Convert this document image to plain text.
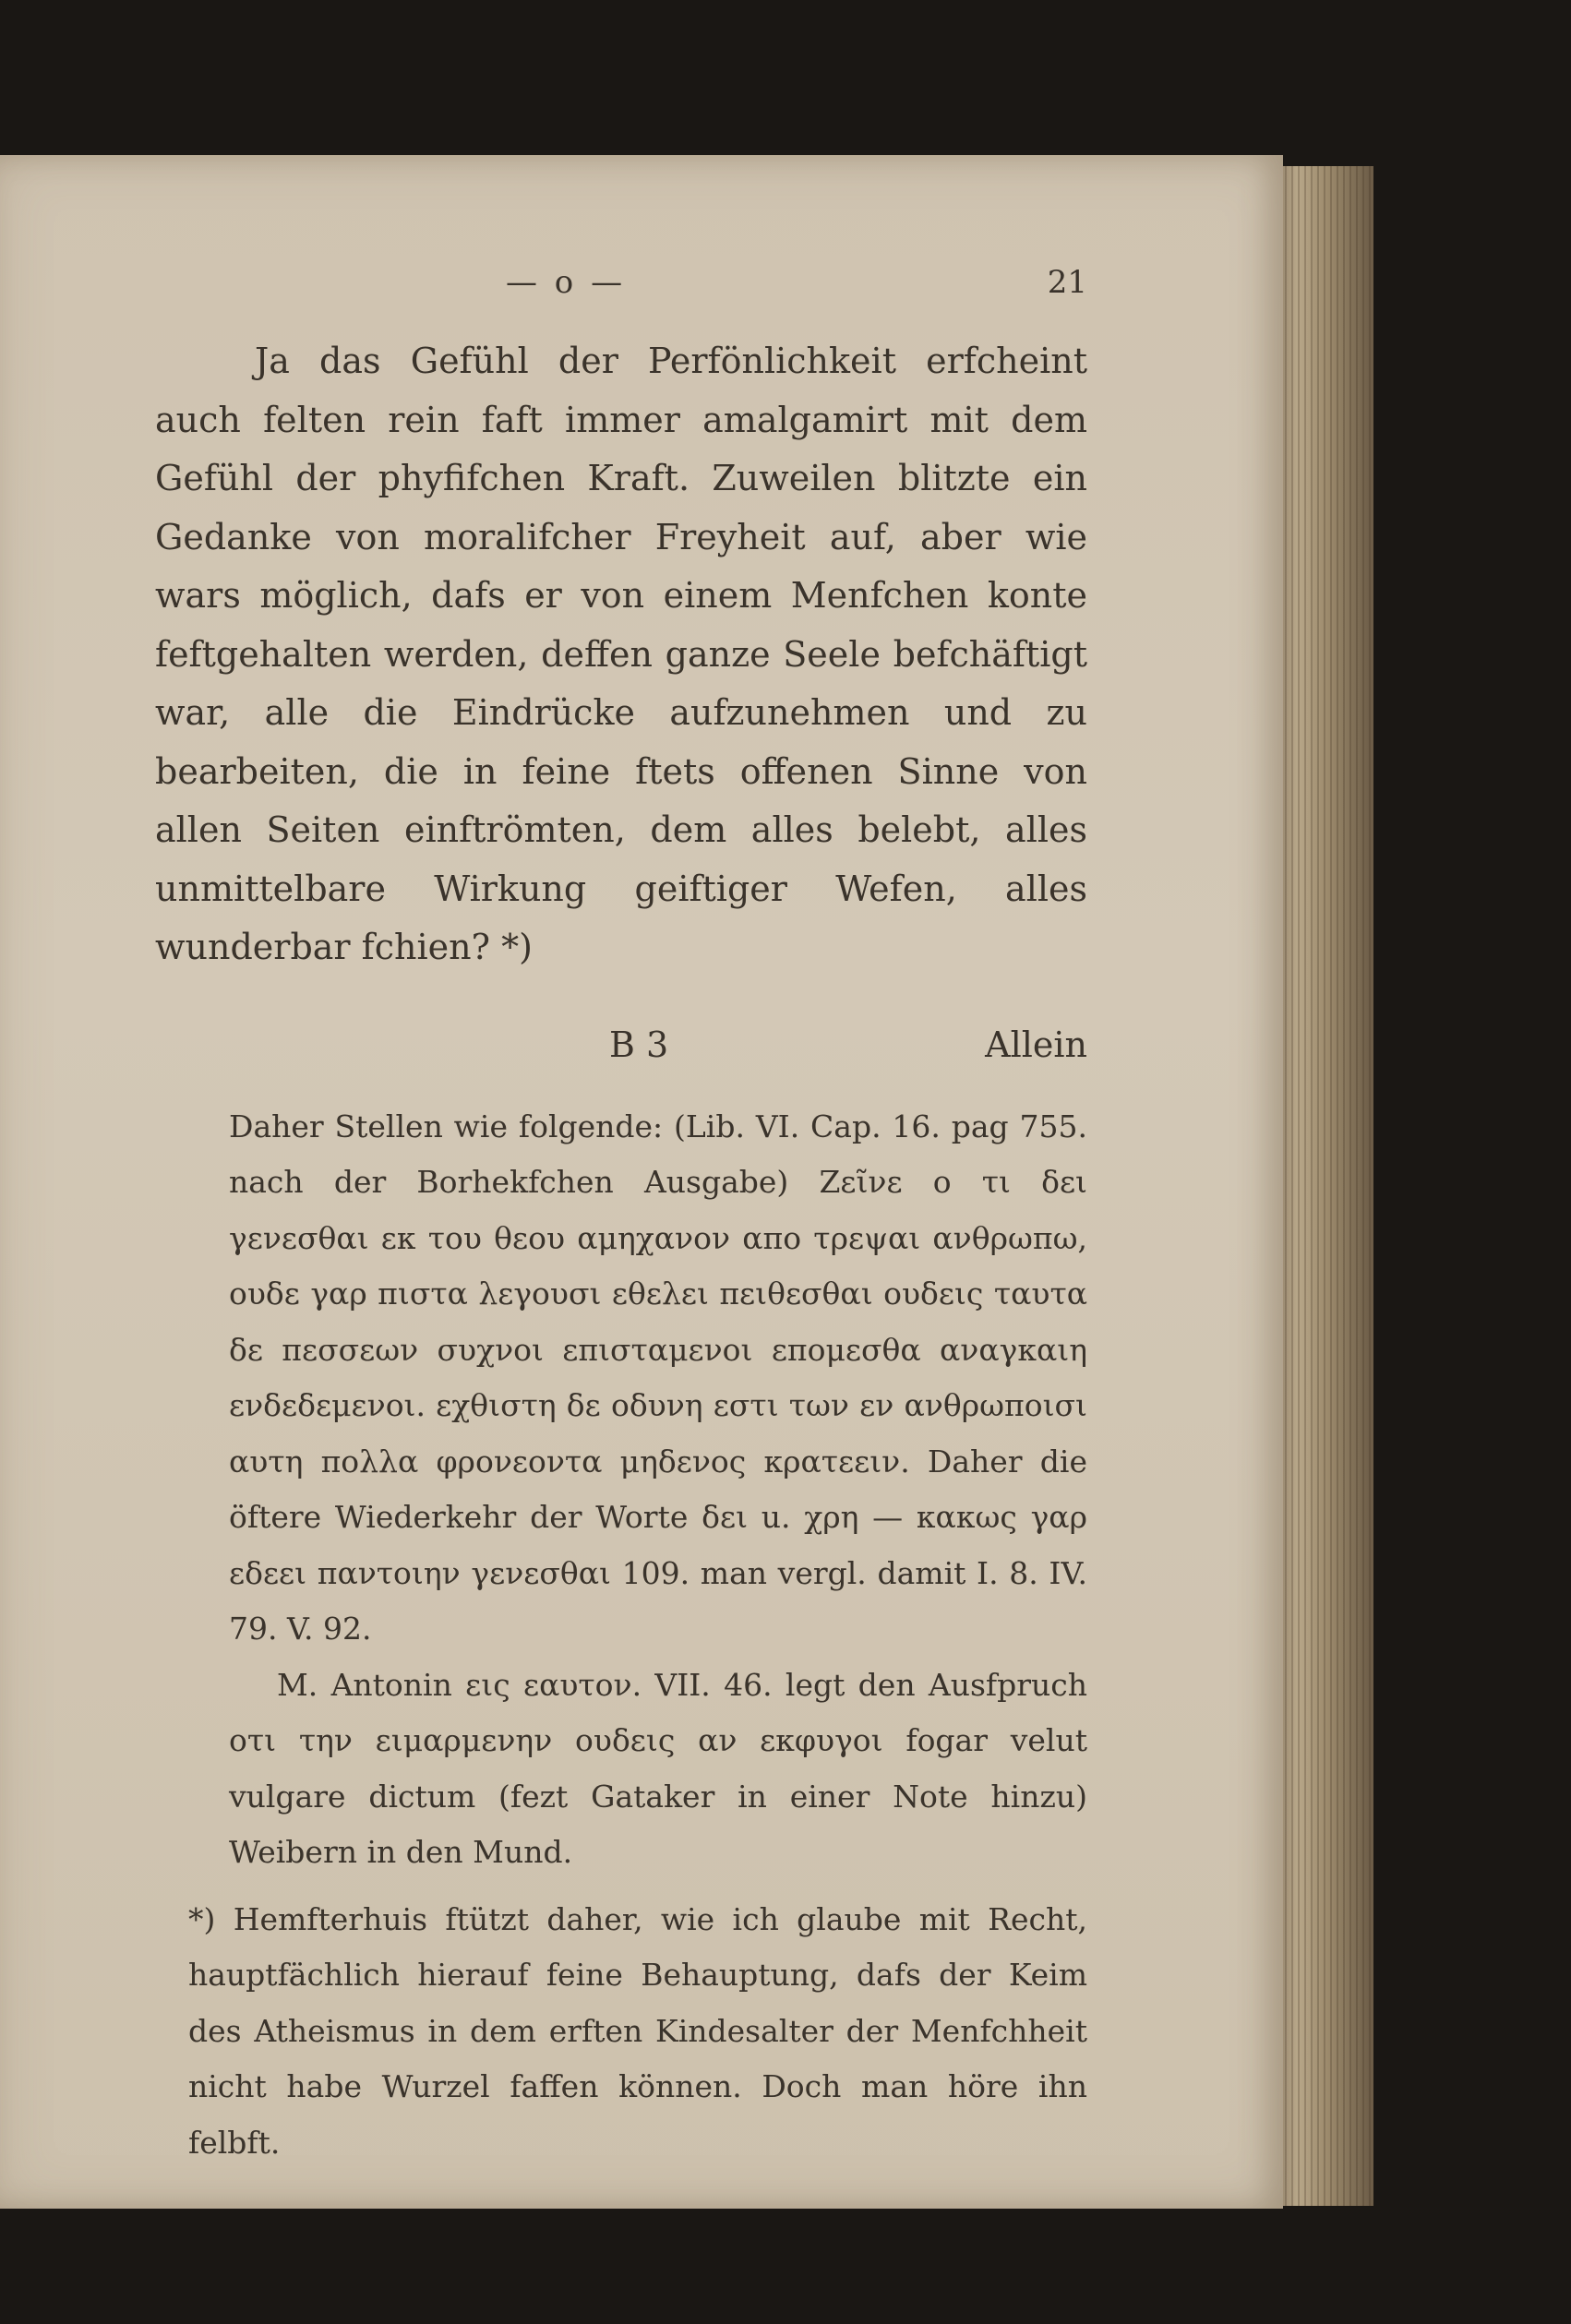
— o —	21

Ja das Gefühl der Perfönlichkeit erfcheint auch felten rein faft immer amalgamirt mit dem Gefühl der phyfifchen Kraft. Zuweilen blitzte ein Gedanke von moralifcher Freyheit auf, aber wie wars möglich, dafs er von einem Menfchen konte feftgehalten werden, deffen ganze Seele befchäftigt war, alle die Eindrücke aufzunehmen und zu bearbeiten, die in feine ftets offenen Sinne von allen Seiten einftrömten, dem alles belebt, alles unmittelbare Wirkung geiftiger Wefen, alles wunderbar fchien? *)

B 3	Allein

Daher Stellen wie folgende: (Lib. VI. Cap. 16. pag 755. nach der Borhekfchen Ausgabe) Ζεῖνε ο τι δει γενεσθαι εκ του θεου αμηχανον απο τρεψαι ανθρωπω, ουδε γαρ πιστα λεγουσι εθελει πειθεσθαι ουδεις ταυτα δε πεσσεων συχνοι επισταμενοι επομεσθα αναγκαιη ενδεδεμενοι. εχθιστη δε οδυνη εστι των εν ανθρωποισι αυτη πολλα φρονεοντα μηδενος κρατεειν. Daher die öftere Wiederkehr der Worte δει u. χρη — κακως γαρ εδεει παντοιην γενεσθαι 109. man vergl. damit I. 8. IV. 79. V. 92.

M. Antonin εις εαυτον. VII. 46. legt den Ausfpruch οτι την ειμαρμενην ουδεις αν εκφυγοι fogar velut vulgare dictum (fezt Gataker in einer Note hinzu) Weibern in den Mund.

*) Hemfterhuis ftützt daher, wie ich glaube mit Recht, hauptfächlich hierauf feine Behauptung, dafs der Keim des Atheismus in dem erften Kindesalter der Menfchheit nicht habe Wurzel faffen können. Doch man höre ihn felbft.
